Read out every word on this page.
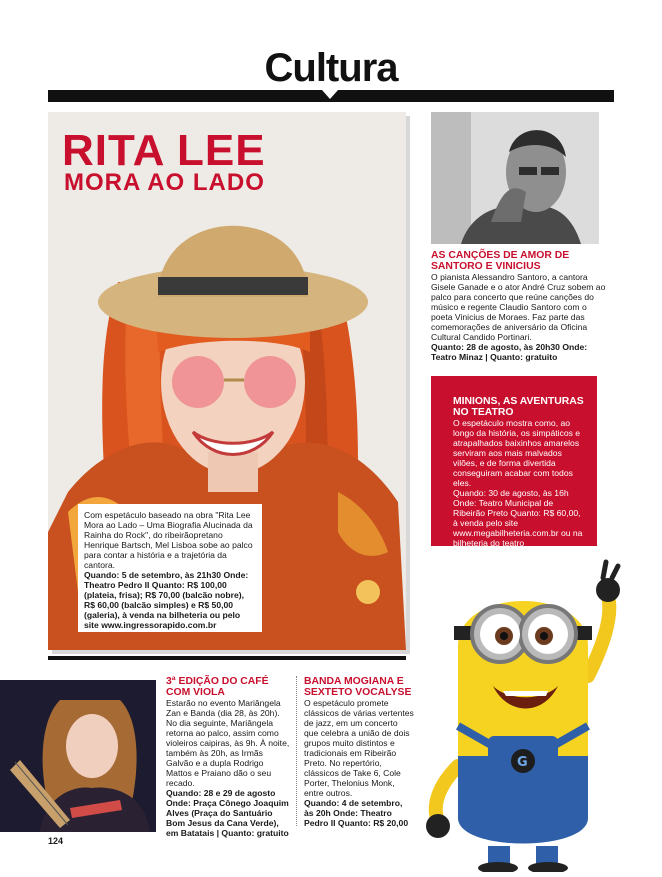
Cultura
RITA LEE
MORA AO LADO

Com espetáculo baseado na obra "Rita Lee Mora ao Lado – Uma Biografia Alucinada da Rainha do Rock", do ribeirãopretano Henrique Bartsch, Mel Lisboa sobe ao palco para contar a história e a trajetória da cantora.

Quando: 5 de setembro, às 21h30 Onde: Theatro Pedro II Quanto: R$ 100,00 (plateia, frisa); R$ 70,00 (balcão nobre), R$ 60,00 (balcão simples) e R$ 50,00 (galeria), à venda na bilheteria ou pelo site www.ingressorapido.com.br

AS CANÇÕES DE AMOR DE SANTORO E VINICIUS

O pianista Alessandro Santoro, a cantora Gisele Ganade e o ator André Cruz sobem ao palco para concerto que reúne canções do músico e regente Claudio Santoro com o poeta Vinicius de Moraes. Faz parte das comemorações de aniversário da Oficina Cultural Candido Portinari.

Quanto: 28 de agosto, às 20h30 Onde: Teatro Minaz | Quanto: gratuito

MINIONS, AS AVENTURAS NO TEATRO

O espetáculo mostra como, ao longo da história, os simpáticos e atrapalhados baixinhos amarelos serviram aos mais malvados vilões, e de forma divertida conseguiram acabar com todos eles.

Quando: 30 de agosto, às 16h Onde: Teatro Municipal de Ribeirão Preto Quanto: R$ 60,00, à venda pelo site www.megabilheteria.com.br ou na bilheteria do teatro

G
3ª EDIÇÃO DO CAFÉ COM VIOLA

Estarão no evento Mariângela Zan e Banda (dia 28, às 20h). No dia seguinte, Mariângela retorna ao palco, assim como violeiros caipiras, às 9h. À noite, também às 20h, as Irmãs Galvão e a dupla Rodrigo Mattos e Praiano dão o seu recado.

Quando: 28 e 29 de agosto Onde: Praça Cônego Joaquim Alves (Praça do Santuário Bom Jesus da Cana Verde), em Batatais | Quanto: gratuito

BANDA MOGIANA E SEXTETO VOCALYSE

O espetáculo promete clássicos de várias vertentes de jazz, em um concerto que celebra a união de dois grupos muito distintos e tradicionais em Ribeirão Preto. No repertório, clássicos de Take 6, Cole Porter, Thelonius Monk, entre outros.

Quando: 4 de setembro, às 20h Onde: Theatro Pedro II Quanto: R$ 20,00

124
